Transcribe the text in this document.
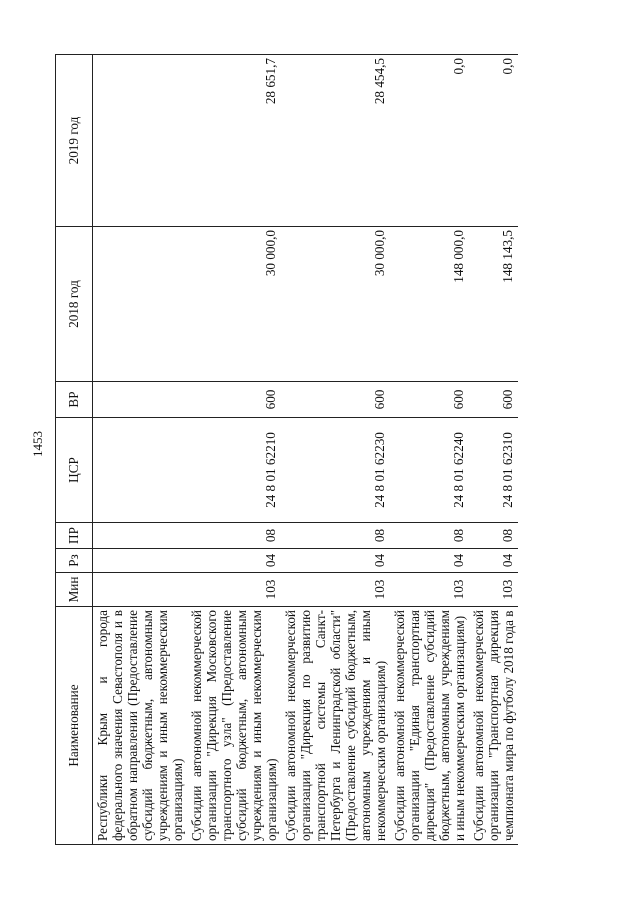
1453
Наименование	Мин	Рз	ПР	ЦСР	ВР	2018 год	2019 год
Республики Крым и города федерального значения Севастополя и в обратном направлении (Предоставление субсидий бюджетным, автономным учреждениям и иным некоммерческим организациям)							
Субсидии автономной некоммерческой организации "Дирекция Московского транспортного узла" (Предоставление субсидий бюджетным, автономным учреждениям и иным некоммерческим организациям)	103	04	08	24 8 01 62210	600	30 000,0	28 651,7
Субсидии автономной некоммерческой организации "Дирекция по развитию транспортной системы Санкт-Петербурга и Ленинградской области" (Предоставление субсидий бюджетным, автономным учреждениям и иным некоммерческим организациям)	103	04	08	24 8 01 62230	600	30 000,0	28 454,5
Субсидии автономной некоммерческой организации "Единая транспортная дирекция" (Предоставление субсидий бюджетным, автономным учреждениям и иным некоммерческим организациям)	103	04	08	24 8 01 62240	600	148 000,0	0,0
Субсидии автономной некоммерческой организации "Транспортная дирекция чемпионата мира по футболу 2018 года в	103	04	08	24 8 01 62310	600	148 143,5	0,0
